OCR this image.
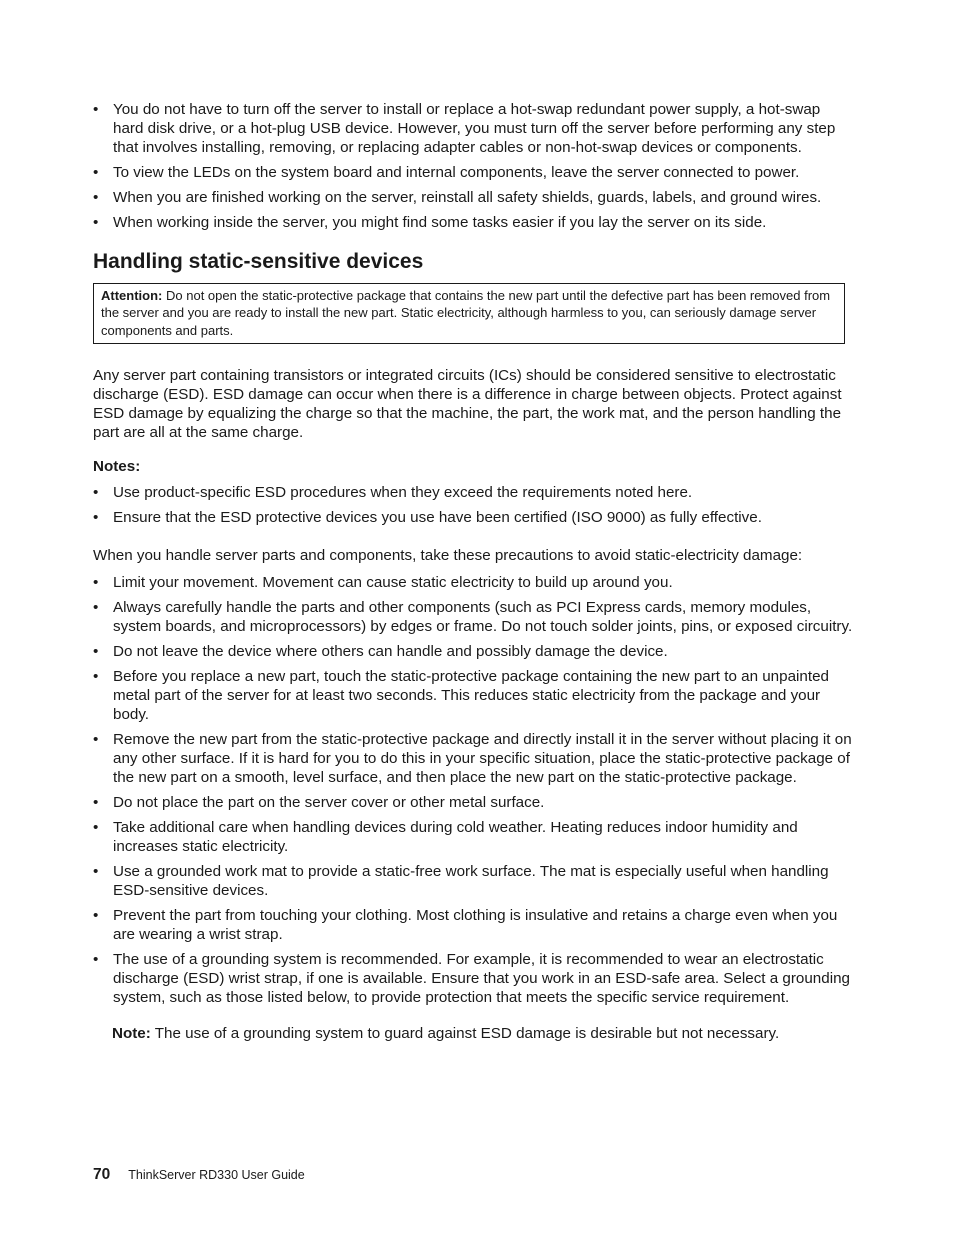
• You do not have to turn off the server to install or replace a hot-swap redundant power supply, a hot-swap hard disk drive, or a hot-plug USB device. However, you must turn off the server before performing any step that involves installing, removing, or replacing adapter cables or non-hot-swap devices or components.
• To view the LEDs on the system board and internal components, leave the server connected to power.
• When you are finished working on the server, reinstall all safety shields, guards, labels, and ground wires.
• When working inside the server, you might find some tasks easier if you lay the server on its side.
Handling static-sensitive devices
Attention: Do not open the static-protective package that contains the new part until the defective part has been removed from the server and you are ready to install the new part. Static electricity, although harmless to you, can seriously damage server components and parts.

Any server part containing transistors or integrated circuits (ICs) should be considered sensitive to electrostatic discharge (ESD). ESD damage can occur when there is a difference in charge between objects. Protect against ESD damage by equalizing the charge so that the machine, the part, the work mat, and the person handling the part are all at the same charge.

Notes:
• Use product-specific ESD procedures when they exceed the requirements noted here.
• Ensure that the ESD protective devices you use have been certified (ISO 9000) as fully effective.

When you handle server parts and components, take these precautions to avoid static-electricity damage:

• Limit your movement. Movement can cause static electricity to build up around you.
• Always carefully handle the parts and other components (such as PCI Express cards, memory modules, system boards, and microprocessors) by edges or frame. Do not touch solder joints, pins, or exposed circuitry.
• Do not leave the device where others can handle and possibly damage the device.
• Before you replace a new part, touch the static-protective package containing the new part to an unpainted metal part of the server for at least two seconds. This reduces static electricity from the package and your body.
• Remove the new part from the static-protective package and directly install it in the server without placing it on any other surface. If it is hard for you to do this in your specific situation, place the static-protective package of the new part on a smooth, level surface, and then place the new part on the static-protective package.
• Do not place the part on the server cover or other metal surface.
• Take additional care when handling devices during cold weather. Heating reduces indoor humidity and increases static electricity.
• Use a grounded work mat to provide a static-free work surface. The mat is especially useful when handling ESD-sensitive devices.
• Prevent the part from touching your clothing. Most clothing is insulative and retains a charge even when you are wearing a wrist strap.
• The use of a grounding system is recommended. For example, it is recommended to wear an electrostatic discharge (ESD) wrist strap, if one is available. Ensure that you work in an ESD-safe area. Select a grounding system, such as those listed below, to provide protection that meets the specific service requirement.

Note: The use of a grounding system to guard against ESD damage is desirable but not necessary.

70 ThinkServer RD330 User Guide
